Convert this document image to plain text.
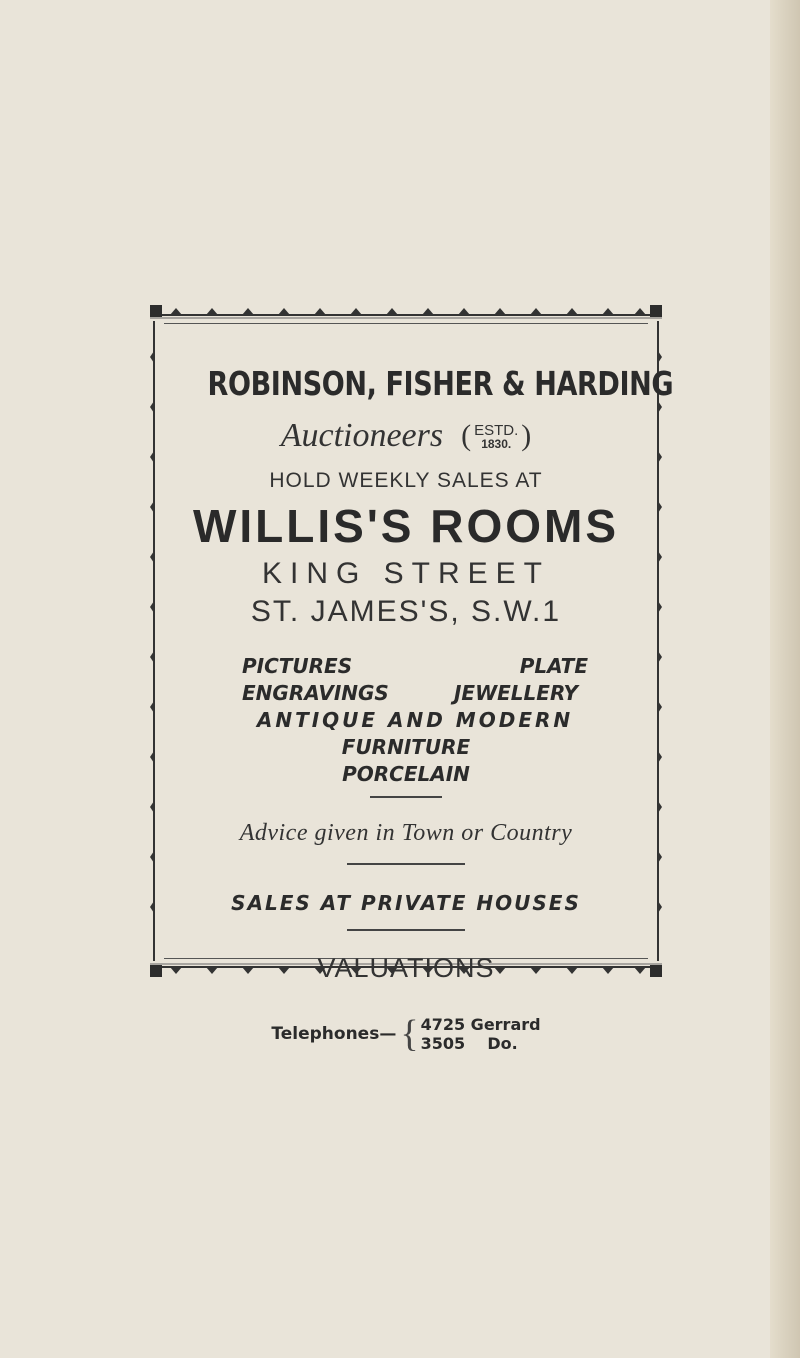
ROBINSON, FISHER & HARDING
Auctioneers ( ESTD.
1830. )
HOLD WEEKLY SALES AT
WILLIS'S ROOMS
KING STREET
ST. JAMES'S, S.W.1
PICTURES	PLATE
ENGRAVINGS	JEWELLERY
ANTIQUE AND MODERN
FURNITURE
PORCELAIN
Advice given in Town or Country
SALES AT PRIVATE HOUSES
VALUATIONS
Telephones— { 4725 Gerrard
3505    Do.
